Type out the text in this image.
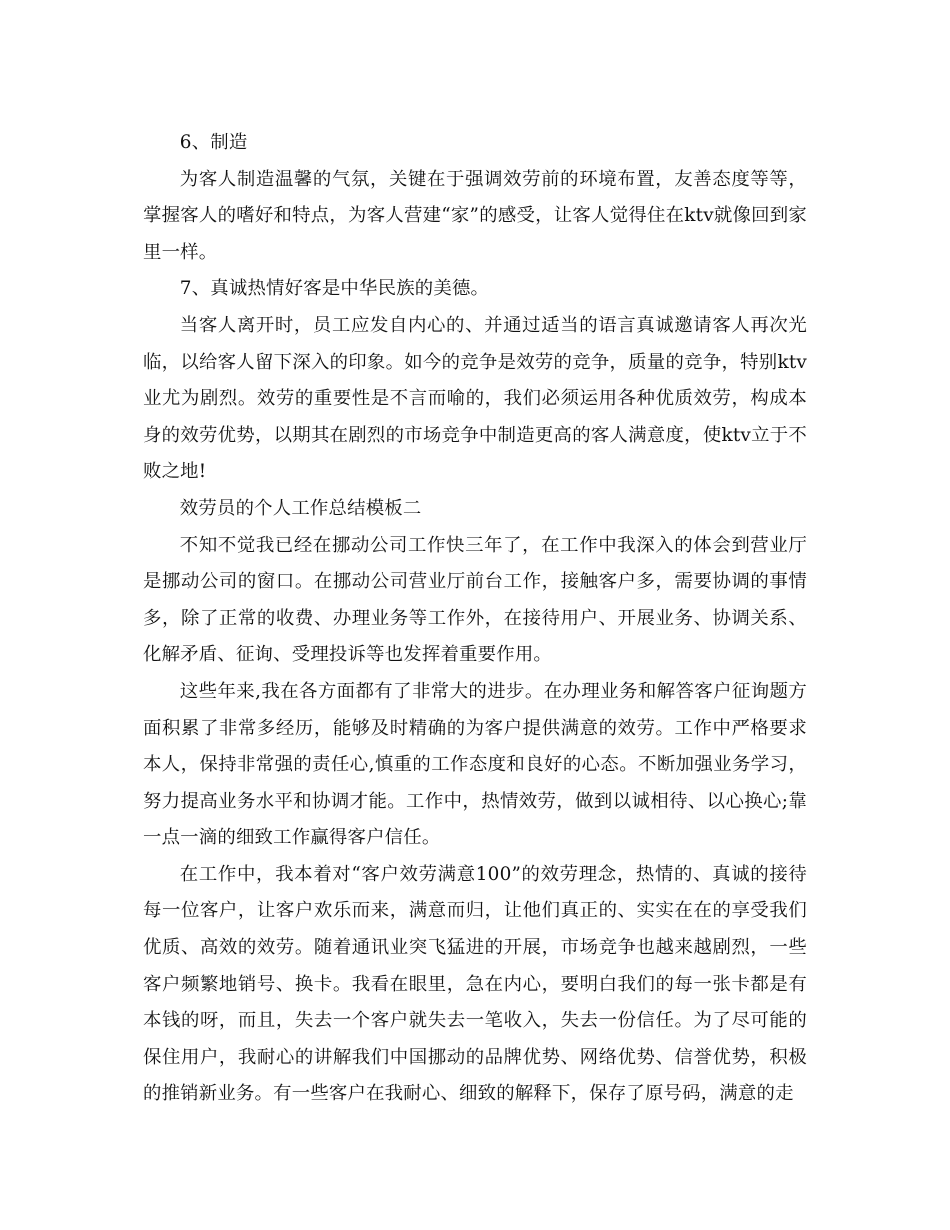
6、制造

为客人制造温馨的气氛，关键在于强调效劳前的环境布置，友善态度等等，掌握客人的嗜好和特点，为客人营建“家”的感受，让客人觉得住在ktv就像回到家里一样。

7、真诚热情好客是中华民族的美德。

当客人离开时，员工应发自内心的、并通过适当的语言真诚邀请客人再次光临，以给客人留下深入的印象。如今的竞争是效劳的竞争，质量的竞争，特别ktv业尤为剧烈。效劳的重要性是不言而喻的，我们必须运用各种优质效劳，构成本身的效劳优势，以期其在剧烈的市场竞争中制造更高的客人满意度，使ktv立于不败之地!

效劳员的个人工作总结模板二

不知不觉我已经在挪动公司工作快三年了，在工作中我深入的体会到营业厅是挪动公司的窗口。在挪动公司营业厅前台工作，接触客户多，需要协调的事情多，除了正常的收费、办理业务等工作外，在接待用户、开展业务、协调关系、化解矛盾、征询、受理投诉等也发挥着重要作用。

这些年来,我在各方面都有了非常大的进步。在办理业务和解答客户征询题方面积累了非常多经历，能够及时精确的为客户提供满意的效劳。工作中严格要求本人，保持非常强的责任心,慎重的工作态度和良好的心态。不断加强业务学习，努力提高业务水平和协调才能。工作中，热情效劳，做到以诚相待、以心换心;靠一点一滴的细致工作赢得客户信任。

在工作中，我本着对“客户效劳满意100”的效劳理念，热情的、真诚的接待每一位客户，让客户欢乐而来，满意而归，让他们真正的、实实在在的享受我们优质、高效的效劳。随着通讯业突飞猛进的开展，市场竞争也越来越剧烈，一些客户频繁地销号、换卡。我看在眼里，急在内心，要明白我们的每一张卡都是有本钱的呀，而且，失去一个客户就失去一笔收入，失去一份信任。为了尽可能的保住用户，我耐心的讲解我们中国挪动的品牌优势、网络优势、信誉优势，积极的推销新业务。有一些客户在我耐心、细致的解释下，保存了原号码，满意的走
